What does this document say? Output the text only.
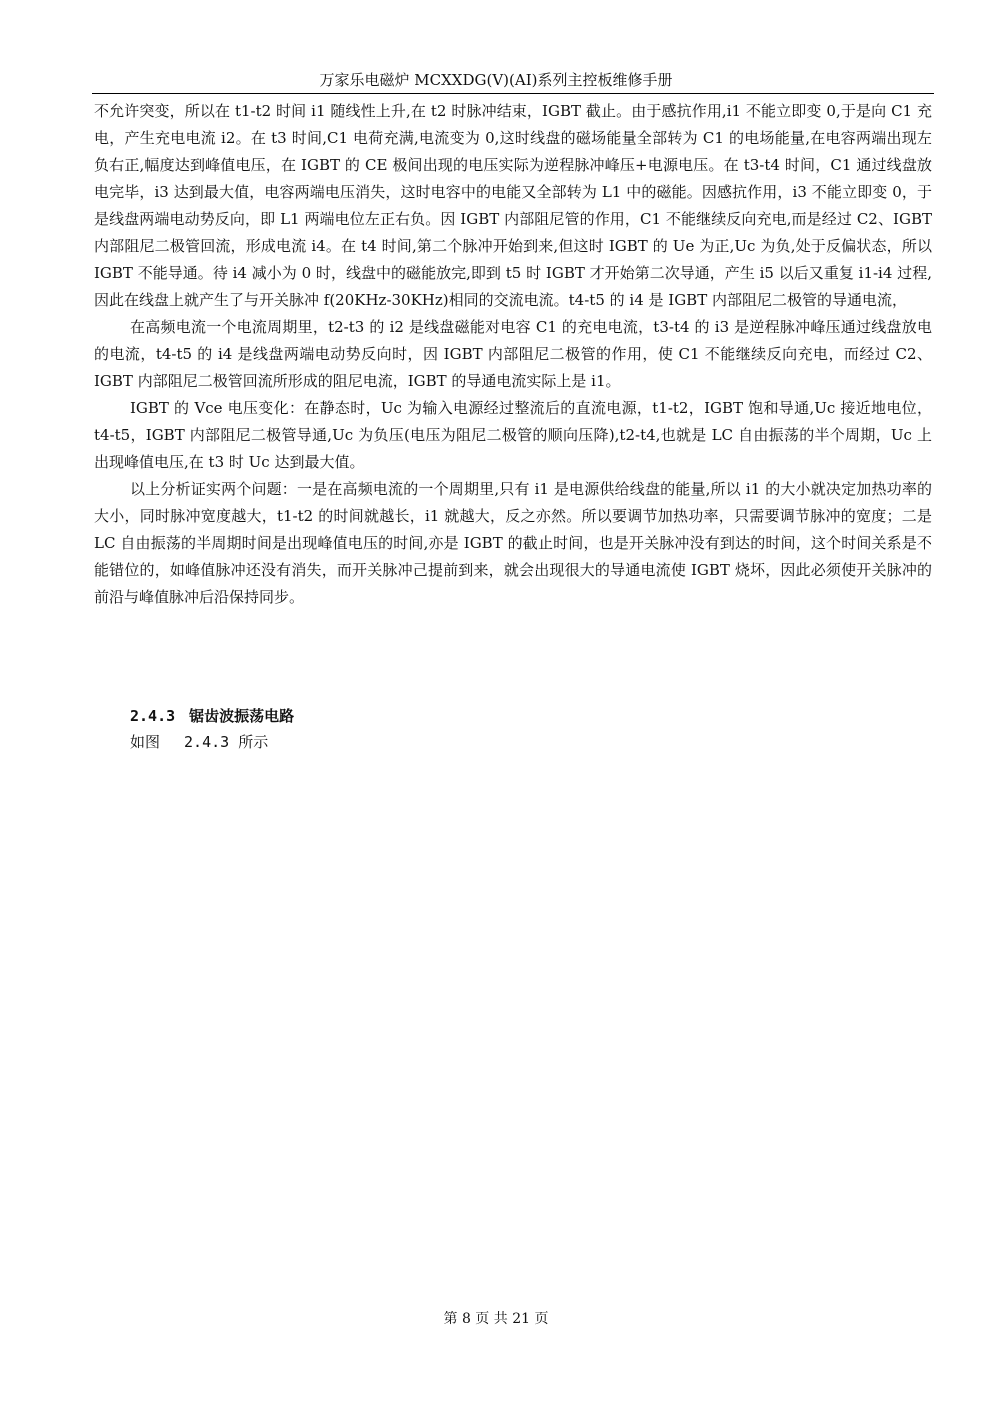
万家乐电磁炉 MCXXDG(V)(AI)系列主控板维修手册

不允许突变，所以在 t1-t2 时间 i1 随线性上升,在 t2 时脉冲结束，IGBT 截止。由于感抗作用,i1 不能立即变 0,于是向 C1 充电，产生充电电流 i2。在 t3 时间,C1 电荷充满,电流变为 0,这时线盘的磁场能量全部转为 C1 的电场能量,在电容两端出现左负右正,幅度达到峰值电压，在 IGBT 的 CE 极间出现的电压实际为逆程脉冲峰压+电源电压。在 t3-t4 时间，C1 通过线盘放电完毕，i3 达到最大值，电容两端电压消失，这时电容中的电能又全部转为 L1 中的磁能。因感抗作用，i3 不能立即变 0，于是线盘两端电动势反向，即 L1 两端电位左正右负。因 IGBT 内部阻尼管的作用，C1 不能继续反向充电,而是经过 C2、IGBT 内部阻尼二极管回流，形成电流 i4。在 t4 时间,第二个脉冲开始到来,但这时 IGBT 的 Ue 为正,Uc 为负,处于反偏状态，所以 IGBT 不能导通。待 i4 减小为 0 时，线盘中的磁能放完,即到 t5 时 IGBT 才开始第二次导通，产生 i5 以后又重复 i1-i4 过程,因此在线盘上就产生了与开关脉冲 f(20KHz-30KHz)相同的交流电流。t4-t5 的 i4 是 IGBT 内部阻尼二极管的导通电流，

在高频电流一个电流周期里，t2-t3 的 i2 是线盘磁能对电容 C1 的充电电流，t3-t4 的 i3 是逆程脉冲峰压通过线盘放电的电流，t4-t5 的 i4 是线盘两端电动势反向时，因 IGBT 内部阻尼二极管的作用，使 C1 不能继续反向充电，而经过 C2、IGBT 内部阻尼二极管回流所形成的阻尼电流，IGBT 的导通电流实际上是 i1。

IGBT 的 Vce 电压变化：在静态时，Uc 为输入电源经过整流后的直流电源，t1-t2，IGBT 饱和导通,Uc 接近地电位，t4-t5，IGBT 内部阻尼二极管导通,Uc 为负压(电压为阻尼二极管的顺向压降),t2-t4,也就是 LC 自由振荡的半个周期，Uc 上出现峰值电压,在 t3 时 Uc 达到最大值。

以上分析证实两个问题：一是在高频电流的一个周期里,只有 i1 是电源供给线盘的能量,所以 i1 的大小就决定加热功率的大小，同时脉冲宽度越大，t1-t2 的时间就越长，i1 就越大，反之亦然。所以要调节加热功率，只需要调节脉冲的宽度；二是 LC 自由振荡的半周期时间是出现峰值电压的时间,亦是 IGBT 的截止时间，也是开关脉冲没有到达的时间，这个时间关系是不能错位的，如峰值脉冲还没有消失，而开关脉冲己提前到来，就会出现很大的导通电流使 IGBT 烧坏，因此必须使开关脉冲的前沿与峰值脉冲后沿保持同步。

2.4.3 锯齿波振荡电路
如图 2.4.3 所示
第 8 页 共 21 页
